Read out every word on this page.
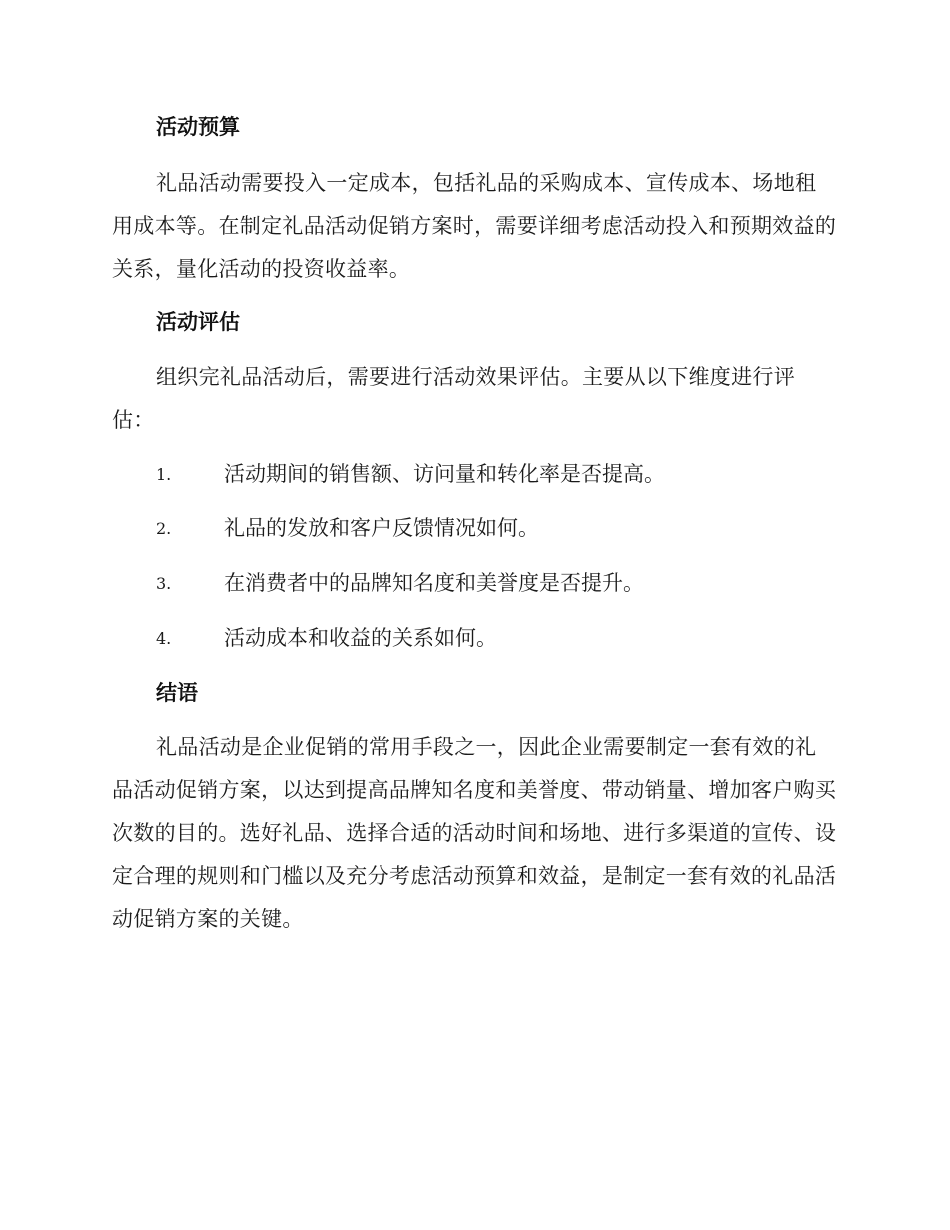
活动预算

礼品活动需要投入一定成本，包括礼品的采购成本、宣传成本、场地租用成本等。在制定礼品活动促销方案时，需要详细考虑活动投入和预期效益的关系，量化活动的投资收益率。

活动评估

组织完礼品活动后，需要进行活动效果评估。主要从以下维度进行评估：

1.	活动期间的销售额、访问量和转化率是否提高。
2.	礼品的发放和客户反馈情况如何。
3.	在消费者中的品牌知名度和美誉度是否提升。
4.	活动成本和收益的关系如何。
结语

礼品活动是企业促销的常用手段之一，因此企业需要制定一套有效的礼品活动促销方案，以达到提高品牌知名度和美誉度、带动销量、增加客户购买次数的目的。选好礼品、选择合适的活动时间和场地、进行多渠道的宣传、设定合理的规则和门槛以及充分考虑活动预算和效益，是制定一套有效的礼品活动促销方案的关键。
